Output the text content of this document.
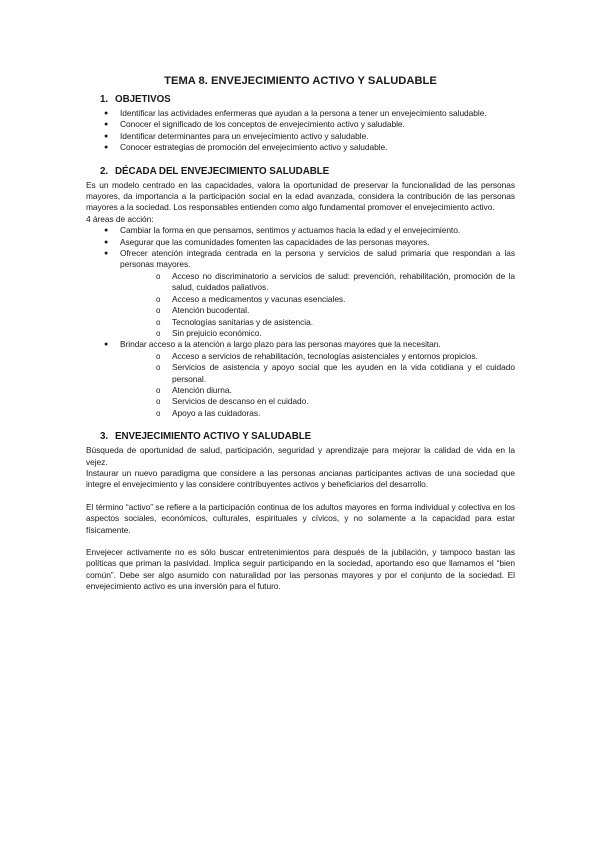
TEMA 8. ENVEJECIMIENTO ACTIVO Y SALUDABLE
1. OBJETIVOS
● Identificar las actividades enfermeras que ayudan a la persona a tener un envejecimiento saludable.
● Conocer el significado de los conceptos de envejecimiento activo y saludable.
● Identificar determinantes para un envejecimiento activo y saludable.
● Conocer estrategias de promoción del envejecimiento activo y saludable.
2. DÉCADA DEL ENVEJECIMIENTO SALUDABLE

Es un modelo centrado en las capacidades, valora la oportunidad de preservar la funcionalidad de las personas mayores, da importancia a la participación social en la edad avanzada, considera la contribución de las personas mayores a la sociedad. Los responsables entienden como algo fundamental promover el envejecimiento activo.

4 áreas de acción:

● Cambiar la forma en que pensamos, sentimos y actuamos hacia la edad y el envejecimiento.
● Asegurar que las comunidades fomenten las capacidades de las personas mayores.
● Ofrecer atención integrada centrada en la persona y servicios de salud primaria que respondan a las personas mayores.
o Acceso no discriminatorio a servicios de salud: prevención, rehabilitación, promoción de la salud, cuidados paliativos.
o Acceso a medicamentos y vacunas esenciales.
o Atención bucodental.
o Tecnologías sanitarias y de asistencia.
o Sin prejuicio económico.
● Brindar acceso a la atención a largo plazo para las personas mayores que la necesitan.
o Acceso a servicios de rehabilitación, tecnologías asistenciales y entornos propicios.
o Servicios de asistencia y apoyo social que les ayuden en la vida cotidiana y el cuidado personal.
o Atención diurna.
o Servicios de descanso en el cuidado.
o Apoyo a las cuidadoras.
3. ENVEJECIMIENTO ACTIVO Y SALUDABLE

Búsqueda de oportunidad de salud, participación, seguridad y aprendizaje para mejorar la calidad de vida en la vejez.

Instaurar un nuevo paradigma que considere a las personas ancianas participantes activas de una sociedad que integre el envejecimiento y las considere contribuyentes activos y beneficiarios del desarrollo.

El término “activo” se refiere a la participación continua de los adultos mayores en forma individual y colectiva en los aspectos sociales, económicos, culturales, espirituales y cívicos, y no solamente a la capacidad para estar físicamente.

Envejecer activamente no es sólo buscar entretenimientos para después de la jubilación, y tampoco bastan las políticas que priman la pasividad. Implica seguir participando en la sociedad, aportando eso que llamamos el “bien común”. Debe ser algo asumido con naturalidad por las personas mayores y por el conjunto de la sociedad. El envejecimiento activo es una inversión para el futuro.
